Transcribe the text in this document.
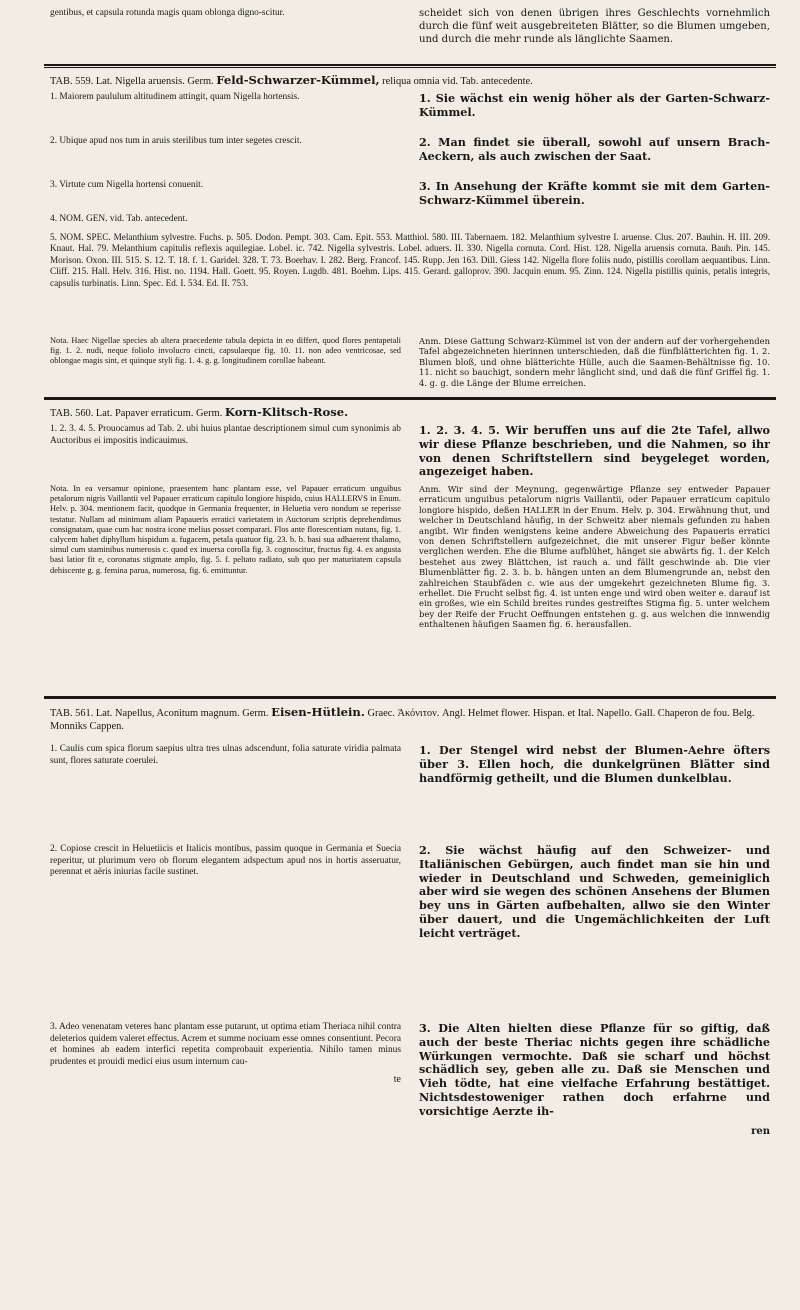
gentibus, et capsula rotunda magis quam oblonga digno-scitur.	scheidet sich von denen übrigen ihres Geschlechts vornehmlich durch die fünf weit ausgebreiteten Blätter, so die Blumen umgeben, und durch die mehr runde als länglichte Saamen.

TAB. 559. Lat. Nigella aruensis. Germ. Feld-Schwarzer-Kümmel, reliqua omnia vid. Tab. antecedente.

1. Maiorem paululum altitudinem attingit, quam Nigella hortensis.

2. Ubique apud nos tum in aruis sterilibus tum inter segetes crescit.

3. Virtute cum Nigella hortensi conuenit.

1. Sie wächst ein wenig höher als der Garten-Schwarz-Kümmel.

2. Man findet sie überall, sowohl auf unsern Brach-Aeckern, als auch zwischen der Saat.

3. In Ansehung der Kräfte kommt sie mit dem Garten-Schwarz-Kümmel überein.

4. NOM. GEN. vid. Tab. antecedent.
5. NOM. SPEC. Melanthium sylvestre. Fuchs. p. 505. Dodon. Pempt. 303. Cam. Epit. 553. Matthiol. 580. III. Tabernaem. 182. Melanthium sylvestre I. aruense. Clus. 207. Bauhin. H. III. 209. Knaut. Hal. 79. Melanthium capitulis reflexis aquilegiae. Lobel. ic. 742. Nigella sylvestris. Lobel. aduers. II. 330. Nigella cornuta. Cord. Hist. 128. Nigella aruensis cornuta. Bauh. Pin. 145. Morison. Oxon. III. 515. S. 12. T. 18. f. 1. Garidel. 328. T. 73. Boerhav. I. 282. Berg. Francof. 145. Rupp. Jen 163. Dill. Giess 142. Nigella flore foliis nudo, pistillis corollam aequantibus. Linn. Cliff. 215. Hall. Helv. 316. Hist. no. 1194. Hall. Goett. 95. Royen. Lugdb. 481. Boehm. Lips. 415. Gerard. galloprov. 390. Jacquin enum. 95. Zinn. 124. Nigella pistillis quinis, petalis integris, capsulis turbinatis. Linn. Spec. Ed. I. 534. Ed. II. 753.
Nota. Haec Nigellae species ab altera praecedente tabula depicta in eo differt, quod flores pentapetali fig. 1. 2. nudi, neque foliolo involucro cincti, capsulaeque fig. 10. 11. non adeo ventricosae, sed oblongae magis sint, et quinque styli fig. 1. 4. g. g. longitudinem corollae habeant.
Anm. Diese Gattung Schwarz-Kümmel ist von der andern auf der vorhergehenden Tafel abgezeichneten hierinnen unterschieden, daß die fünfblätterichten fig. 1. 2. Blumen bloß, und ohne blätterichte Hülle, auch die Saamen-Behältnisse fig. 10. 11. nicht so bauchigt, sondern mehr länglicht sind, und daß die fünf Griffel fig. 1. 4. g. g. die Länge der Blume erreichen.
TAB. 560. Lat. Papaver erraticum. Germ. Korn-Klitsch-Rose.

1. 2. 3. 4. 5. Prouocamus ad Tab. 2. ubi huius plantae descriptionem simul cum synonimis ab Auctoribus ei impositis indicauimus.

1. 2. 3. 4. 5. Wir beruffen uns auf die 2te Tafel, allwo wir diese Pflanze beschrieben, und die Nahmen, so ihr von denen Schriftstellern sind beygeleget worden, angezeiget haben.

Nota. In ea versamur opinione, praesentem hanc plantam esse, vel Papauer erraticum unguibus petalorum nigris Vaillantii vel Papauer erraticum capitulo longiore hispido, cuius HALLERVS in Enum. Helv. p. 304. mentionem facit, quodque in Germania frequenter, in Heluetia vero nondum se reperisse testatur. Nullam ad minimum aliam Papaueris erratici varietatem in Auctorum scriptis deprehendimus consignatam, quae cum hac nostra icone melius posset comparari. Flos ante florescentiam nutans, fig. 1. calycem habet diphyllum hispidum a. fugacem, petala quatuor fig. 23. b. b. basi sua adhaerent thalamo, simul cum staminibus numerosis c. quod ex inuersa corolla fig. 3. cognoscitur, fructus fig. 4. ex angusta basi latior fit e, coronatus stigmate amplo, fig. 5. f. peltato radiato, sub quo per maturitatem capsula dehiscente g. g. femina parua, numerosa, fig. 6. emittuntur.
Anm. Wir sind der Meynung, gegenwärtige Pflanze sey entweder Papauer erraticum unguibus petalorum nigris Vaillantii, oder Papauer erraticum capitulo longiore hispido, deßen HALLER in der Enum. Helv. p. 304. Erwähnung thut, und welcher in Deutschland häufig, in der Schweitz aber niemals gefunden zu haben angibt. Wir finden wenigstens keine andere Abweichung des Papaueris erratici von denen Schriftstellern aufgezeichnet, die mit unserer Figur beßer könnte verglichen werden. Ehe die Blume aufblühet, hänget sie abwärts fig. 1. der Kelch bestehet aus zwey Blättchen, ist rauch a. und fällt geschwinde ab. Die vier Blumenblätter fig. 2. 3. b. b. hängen unten an dem Blumengrunde an, nebst den zahlreichen Staubfäden c. wie aus der umgekehrt gezeichneten Blume fig. 3. erhellet. Die Frucht selbst fig. 4. ist unten enge und wird oben weiter e. darauf ist ein großes, wie ein Schild breites rundes gestreiftes Stigma fig. 5. unter welchem bey der Reife der Frucht Oeffnungen entstehen g. g. aus welchen die innwendig enthaltenen häufigen Saamen fig. 6. herausfallen.
TAB. 561. Lat. Napellus, Aconitum magnum. Germ. Eisen-Hütlein. Graec. Ἀκόνιτον. Angl. Helmet flower. Hispan. et Ital. Napello. Gall. Chaperon de fou. Belg. Monniks Cappen.

1. Caulis cum spica florum saepius ultra tres ulnas adscendunt, folia saturate viridia palmata sunt, flores saturate coerulei.

2. Copiose crescit in Heluetiicis et Italicis montibus, passim quoque in Germania et Suecia reperitur, ut plurimum vero ob florum elegantem adspectum apud nos in hortis asseruatur, perennat et aëris iniurias facile sustinet.

3. Adeo venenatam veteres hanc plantam esse putarunt, ut optima etiam Theriaca nihil contra deleterios quidem valeret effectus. Acrem et summe nociuam esse omnes consentiunt. Pecora et homines ab eadem interfici repetita comprobauit experientia. Nihilo tamen minus prudentes et prouidi medici eius usum internum cau-

te

1. Der Stengel wird nebst der Blumen-Aehre öfters über 3. Ellen hoch, die dunkelgrünen Blätter sind handförmig getheilt, und die Blumen dunkelblau.

2. Sie wächst häufig auf den Schweizer- und Italiänischen Gebürgen, auch findet man sie hin und wieder in Deutschland und Schweden, gemeiniglich aber wird sie wegen des schönen Ansehens der Blumen bey uns in Gärten aufbehalten, allwo sie den Winter über dauert, und die Ungemächlichkeiten der Luft leicht verträget.

3. Die Alten hielten diese Pflanze für so giftig, daß auch der beste Theriac nichts gegen ihre schädliche Würkungen vermochte. Daß sie scharf und höchst schädlich sey, geben alle zu. Daß sie Menschen und Vieh tödte, hat eine vielfache Erfahrung bestättiget. Nichtsdestoweniger rathen doch erfahrne und vorsichtige Aerzte ih-

ren
